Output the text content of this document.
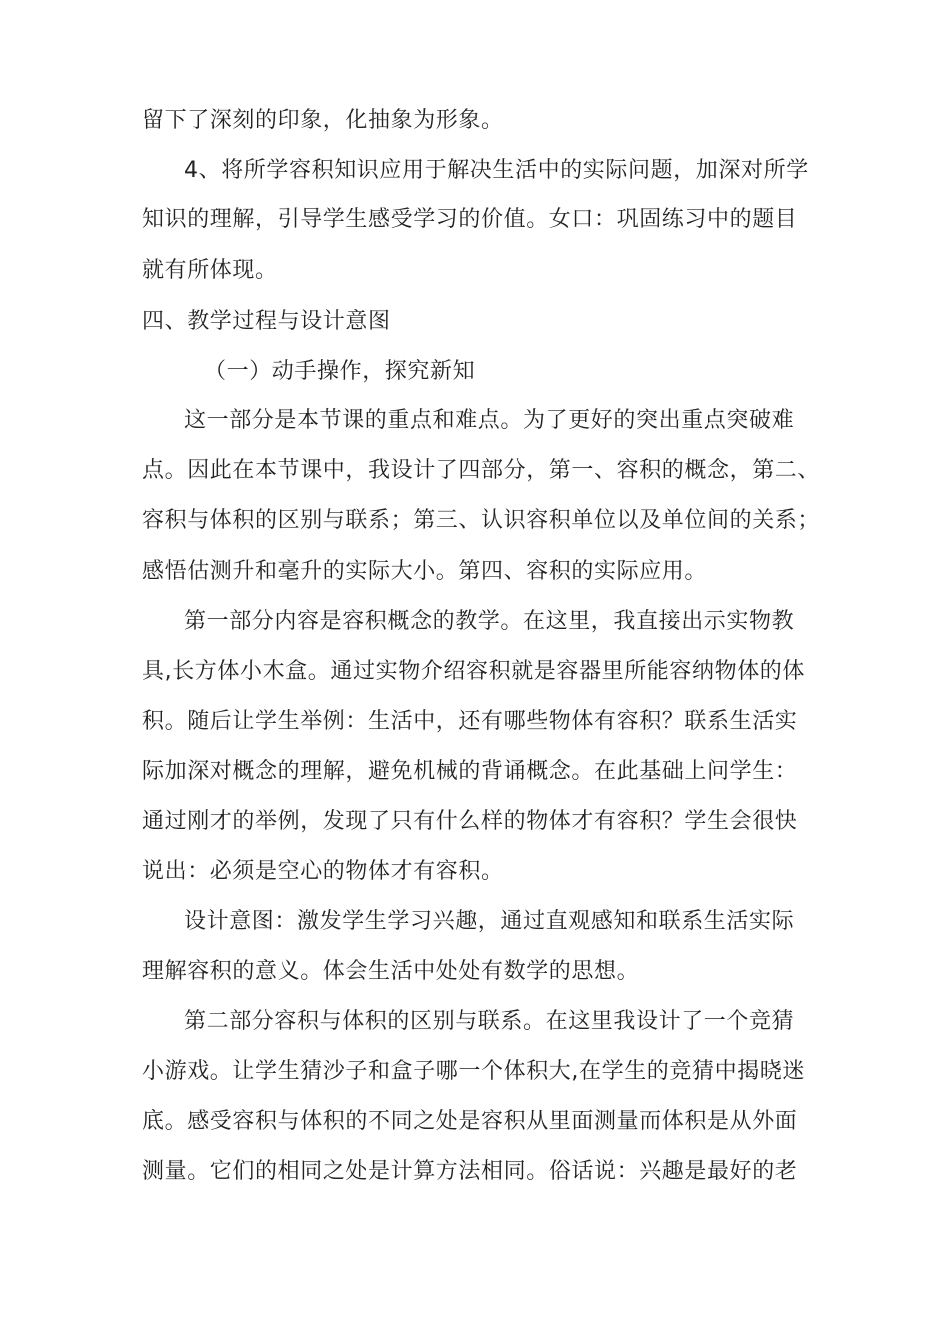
留下了深刻的印象，化抽象为形象。
4、将所学容积知识应用于解决生活中的实际问题，加深对所学
知识的理解，引导学生感受学习的价值。女口：巩固练习中的题目
就有所体现。
四、教学过程与设计意图
（一）动手操作，探究新知
这一部分是本节课的重点和难点。为了更好的突出重点突破难
点。因此在本节课中，我设计了四部分，第一、容积的概念，第二、
容积与体积的区别与联系；第三、认识容积单位以及单位间的关系；
感悟估测升和毫升的实际大小。第四、容积的实际应用。
第一部分内容是容积概念的教学。在这里，我直接出示实物教
具,长方体小木盒。通过实物介绍容积就是容器里所能容纳物体的体
积。随后让学生举例：生活中，还有哪些物体有容积？联系生活实
际加深对概念的理解，避免机械的背诵概念。在此基础上问学生：
通过刚才的举例，发现了只有什么样的物体才有容积？学生会很快
说出：必须是空心的物体才有容积。
设计意图：激发学生学习兴趣，通过直观感知和联系生活实际
理解容积的意义。体会生活中处处有数学的思想。
第二部分容积与体积的区别与联系。在这里我设计了一个竞猜
小游戏。让学生猜沙子和盒子哪一个体积大,在学生的竞猜中揭晓迷
底。感受容积与体积的不同之处是容积从里面测量而体积是从外面
测量。它们的相同之处是计算方法相同。俗话说：兴趣是最好的老
